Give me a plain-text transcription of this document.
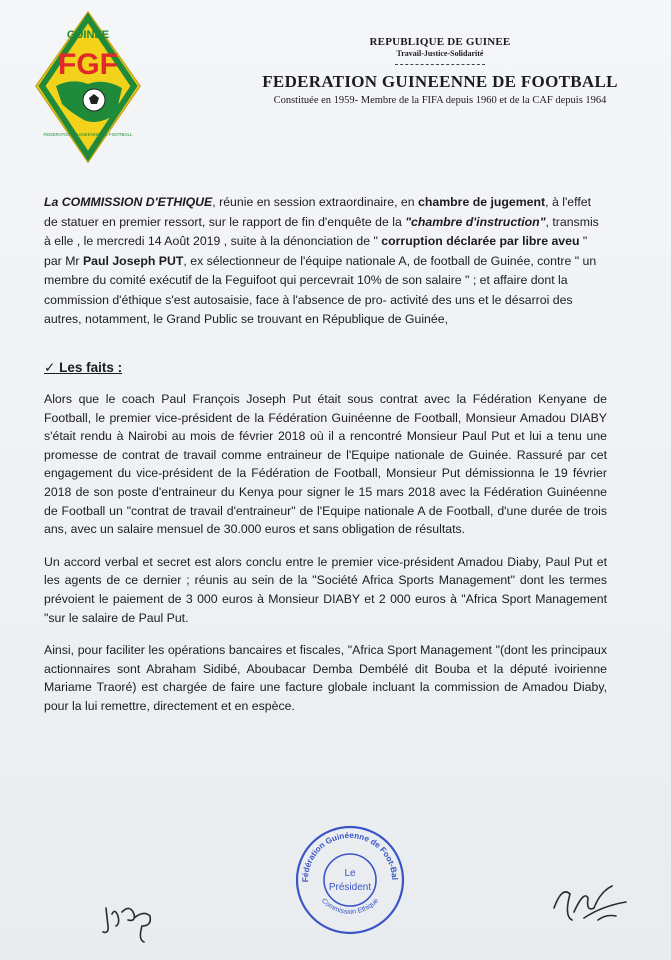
GUINEE
FGF
FEDERATION GUINEENNE DE FOOTBALL
REPUBLIQUE DE GUINEE
Travail-Justice-Solidarité
FEDERATION GUINEENNE DE FOOTBALL
Constituée en 1959- Membre de la FIFA depuis 1960 et de la CAF depuis 1964
La COMMISSION D'ETHIQUE, réunie en session extraordinaire, en chambre de jugement, à l'effet de statuer en premier ressort, sur le rapport de fin d'enquête de la "chambre d'instruction", transmis à elle , le mercredi 14 Août 2019 , suite à la dénonciation de " corruption déclarée par libre aveu " par Mr Paul Joseph PUT, ex sélectionneur de l'équipe nationale A, de football de Guinée, contre " un membre du comité exécutif de la Feguifoot qui percevrait 10% de son salaire " ; et affaire dont la commission d'éthique s'est autosaisie, face à l'absence de pro- activité des uns et le désarroi des autres, notamment, le Grand Public se trouvant en République de Guinée,
✓ Les faits :

Alors que le coach Paul François Joseph Put était sous contrat avec la Fédération Kenyane de Football, le premier vice-président de la Fédération Guinéenne de Football, Monsieur Amadou DIABY s'était rendu à Nairobi au mois de février 2018 où il a rencontré Monsieur Paul Put et lui a tenu une promesse de contrat de travail comme entraineur de l'Equipe nationale de Guinée. Rassuré par cet engagement du vice-président de la Fédération de Football, Monsieur Put démissionna le 19 février 2018 de son poste d'entraineur du Kenya pour signer le 15 mars 2018 avec la Fédération Guinéenne de Football un "contrat de travail d'entraineur" de l'Equipe nationale A de Football, d'une durée de trois ans, avec un salaire mensuel de 30.000 euros et sans obligation de résultats.

Un accord verbal et secret est alors conclu entre le premier vice-président Amadou Diaby, Paul Put et les agents de ce dernier ; réunis au sein de la "Société Africa Sports Management" dont les termes prévoient le paiement de 3 000 euros à Monsieur DIABY et 2 000 euros à "Africa Sport Management "sur le salaire de Paul Put.

Ainsi, pour faciliter les opérations bancaires et fiscales, "Africa Sport Management "(dont les principaux actionnaires sont Abraham Sidibé, Aboubacar Demba Dembélé dit Bouba et la député ivoirienne Mariame Traoré) est chargée de faire une facture globale incluant la commission de Amadou Diaby, pour la lui remettre, directement et en espèce.

Fédération Guinéenne de Foot-Bal
Commission Ethique
Le
Président
